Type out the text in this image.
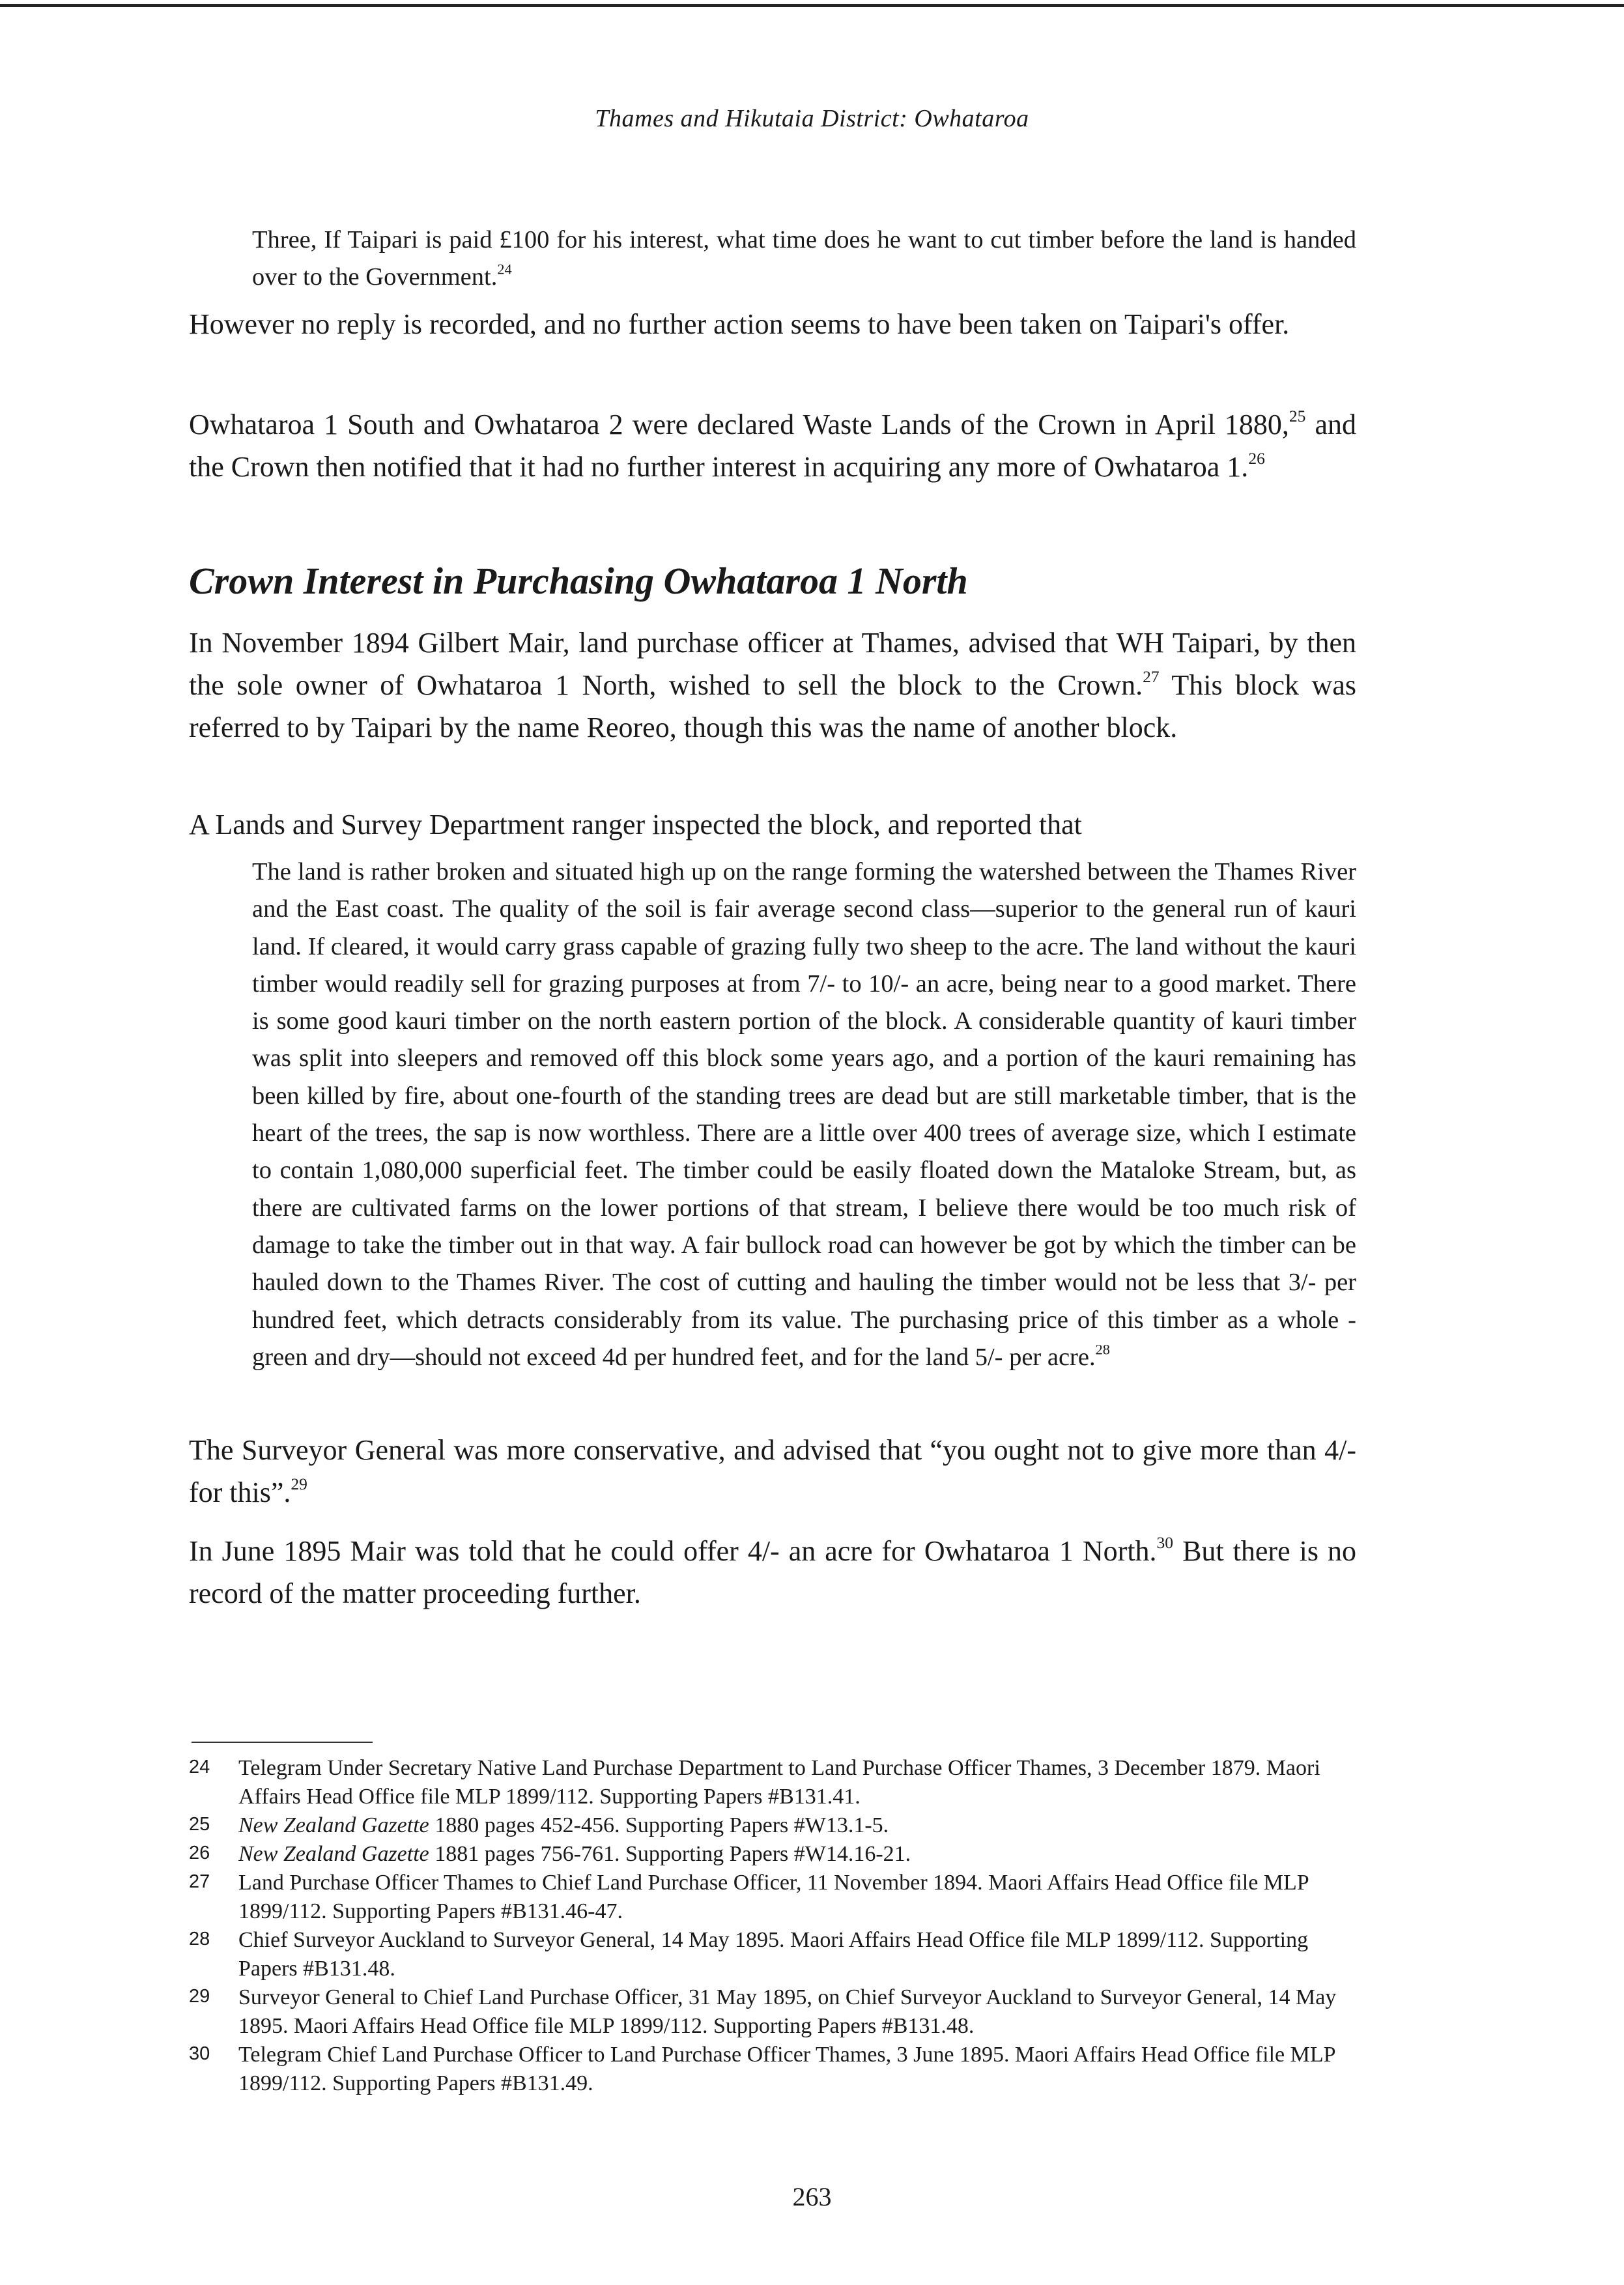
Thames and Hikutaia District: Owhataroa

Three, If Taipari is paid £100 for his interest, what time does he want to cut timber before the land is handed over to the Government.$^{24}$

However no reply is recorded, and no further action seems to have been taken on Taipari's offer.

Owhataroa 1 South and Owhataroa 2 were declared Waste Lands of the Crown in April 1880,25 and the Crown then notified that it had no further interest in acquiring any more of Owhataroa 1.26

Crown Interest in Purchasing Owhataroa 1 North

In November 1894 Gilbert Mair, land purchase officer at Thames, advised that WH Taipari, by then the sole owner of Owhataroa 1 North, wished to sell the block to the Crown.$^{27}$ This block was referred to by Taipari by the name Reoreo, though this was the name of another block.

A Lands and Survey Department ranger inspected the block, and reported that

The land is rather broken and situated high up on the range forming the watershed between the Thames River and the East coast. The quality of the soil is fair average second class—superior to the general run of kauri land. If cleared, it would carry grass capable of grazing fully two sheep to the acre. The land without the kauri timber would readily sell for grazing purposes at from 7/- to 10/- an acre, being near to a good market. There is some good kauri timber on the north eastern portion of the block. A considerable quantity of kauri timber was split into sleepers and removed off this block some years ago, and a portion of the kauri remaining has been killed by fire, about one-fourth of the standing trees are dead but are still marketable timber, that is the heart of the trees, the sap is now worthless. There are a little over 400 trees of average size, which I estimate to contain 1,080,000 superficial feet. The timber could be easily floated down the Mataloke Stream, but, as there are cultivated farms on the lower portions of that stream, I believe there would be too much risk of damage to take the timber out in that way. A fair bullock road can however be got by which the timber can be hauled down to the Thames River. The cost of cutting and hauling the timber would not be less that 3/- per hundred feet, which detracts considerably from its value. The purchasing price of this timber as a whole - green and dry—should not exceed 4d per hundred feet, and for the land 5/- per acre.$^{28}$

The Surveyor General was more conservative, and advised that “you ought not to give more than 4/- for this”.$^{29}$

In June 1895 Mair was told that he could offer 4/- an acre for Owhataroa 1 North.$^{30}$ But there is no record of the matter proceeding further.

24 Telegram Under Secretary Native Land Purchase Department to Land Purchase Officer Thames, 3 December 1879. Maori Affairs Head Office file MLP 1899/112. Supporting Papers #B131.41.
25 New Zealand Gazette 1880 pages 452-456. Supporting Papers #W13.1-5.
26 New Zealand Gazette 1881 pages 756-761. Supporting Papers #W14.16-21.
27 Land Purchase Officer Thames to Chief Land Purchase Officer, 11 November 1894. Maori Affairs Head Office file MLP 1899/112. Supporting Papers #B131.46-47.
28 Chief Surveyor Auckland to Surveyor General, 14 May 1895. Maori Affairs Head Office file MLP 1899/112. Supporting Papers #B131.48.
29 Surveyor General to Chief Land Purchase Officer, 31 May 1895, on Chief Surveyor Auckland to Surveyor General, 14 May 1895. Maori Affairs Head Office file MLP 1899/112. Supporting Papers #B131.48.
30 Telegram Chief Land Purchase Officer to Land Purchase Officer Thames, 3 June 1895. Maori Affairs Head Office file MLP 1899/112. Supporting Papers #B131.49.
263
